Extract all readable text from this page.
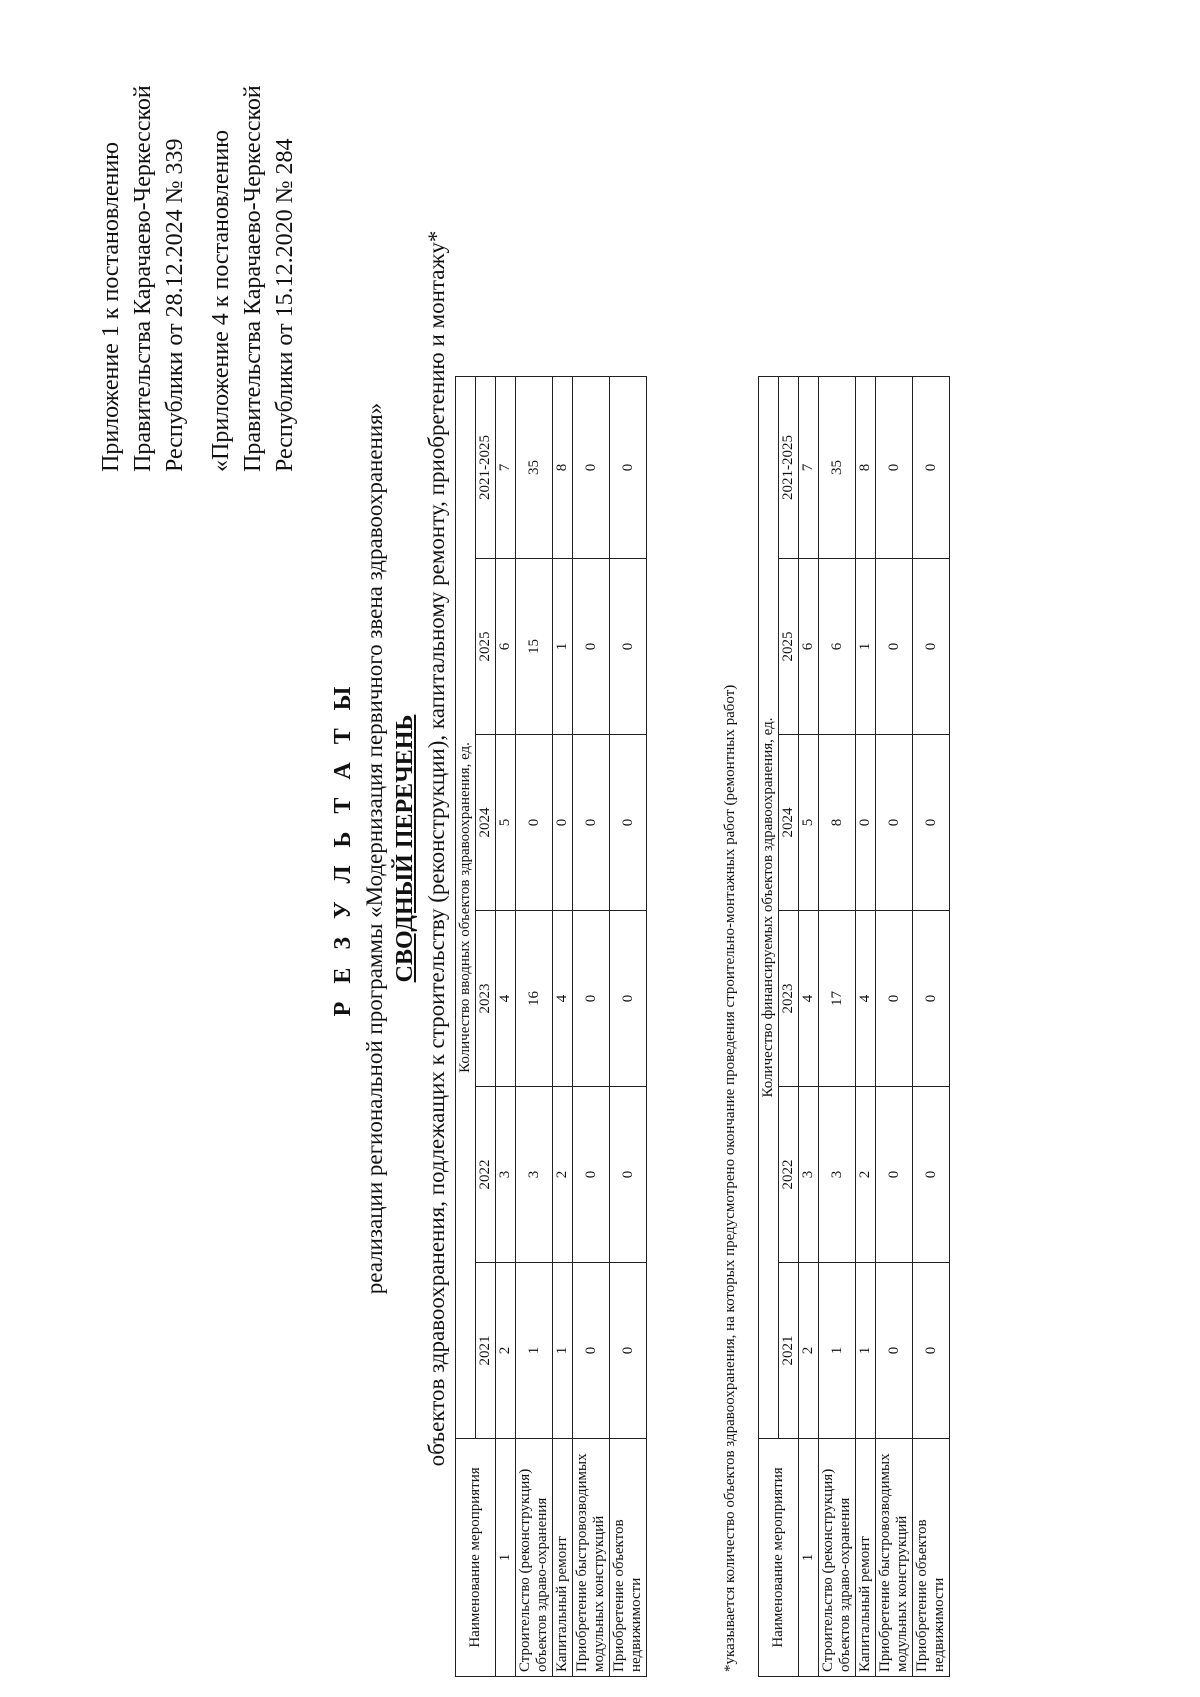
Приложение 1 к постановлению Правительства Карачаево-Черкесской Республики от 28.12.2024 № 339 «Приложение 4 к постановлению Правительства Карачаево-Черкесской Республики от 15.12.2020 № 284

Р Е З У Л Ь Т А Т Ы реализации региональной программы «Модернизация первичного звена здравоохранения» СВОДНЫЙ ПЕРЕЧЕНЬ объектов здравоохранения, подлежащих к строительству (реконструкции), капитальному ремонту, приобретению и монтажу*

Наименование мероприятия	Количество вводных объектов здравоохранения, ед.					
	2021	2022	2023	2024	2025	2021-2025
1	2	3	4	5	6	7
Строительство (реконструкция) объектов здраво-охранения	1	3	16	0	15	35
Капитальный ремонт	1	2	4	0	1	8
Приобретение быстровозводимых модульных конструкций	0	0	0	0	0	0
Приобретение объектов недвижимости	0	0	0	0	0	0

*указывается количество объектов здравоохранения, на которых предусмотрено окончание проведения строительно-монтажных работ (ремонтных работ) Наименование мероприятия	Количество финансируемых объектов здравоохранения, ед.					
	2021	2022	2023	2024	2025	2021-2025
1	2	3	4	5	6	7
Строительство (реконструкция) объектов здраво-охранения	1	3	17	8	6	35
Капитальный ремонт	1	2	4	0	1	8
Приобретение быстровозводимых модульных конструкций	0	0	0	0	0	0
Приобретение объектов недвижимости	0	0	0	0	0	0
